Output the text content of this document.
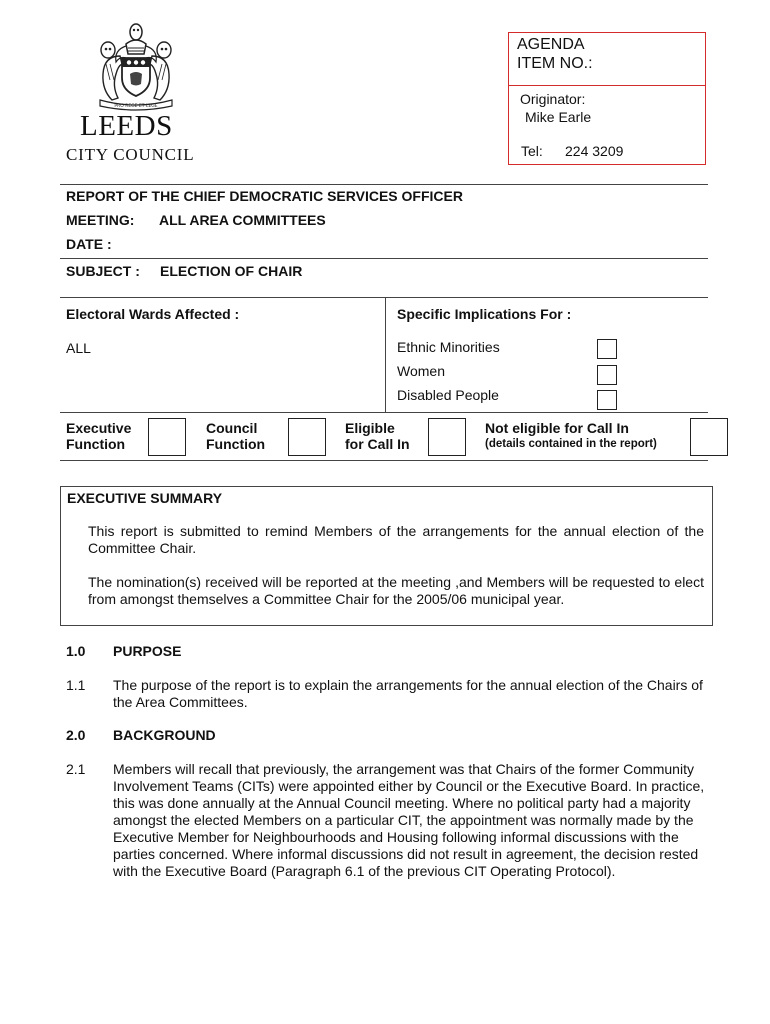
PRO REGE ET LEGE
LEEDS
CITY COUNCIL
AGENDA
ITEM NO.:
Originator:
Mike Earle
Tel: 224 3209
REPORT OF THE CHIEF DEMOCRATIC SERVICES OFFICER
MEETING: ALL AREA COMMITTEES
DATE :
SUBJECT : ELECTION OF CHAIR
Electoral Wards Affected :
ALL
Specific Implications For :
Ethnic Minorities
Women
Disabled People
Executive
Function
Council
Function
Eligible
for Call In
Not eligible for Call In
(details contained in the report)
EXECUTIVE SUMMARY
This report is submitted to remind Members of the arrangements for the annual election of the Committee Chair.
The nomination(s) received will be reported at the meeting ,and Members will be requested to elect from amongst themselves a Committee Chair for the 2005/06 municipal year.
1.0 PURPOSE
1.1 The purpose of the report is to explain the arrangements for the annual election of the Chairs of the Area Committees.
2.0 BACKGROUND
2.1 Members will recall that previously, the arrangement was that Chairs of the former Community Involvement Teams (CITs) were appointed either by Council or the Executive Board. In practice, this was done annually at the Annual Council meeting. Where no political party had a majority amongst the elected Members on a particular CIT, the appointment was normally made by the Executive Member for Neighbourhoods and Housing following informal discussions with the parties concerned. Where informal discussions did not result in agreement, the decision rested with the Executive Board (Paragraph 6.1 of the previous CIT Operating Protocol).
